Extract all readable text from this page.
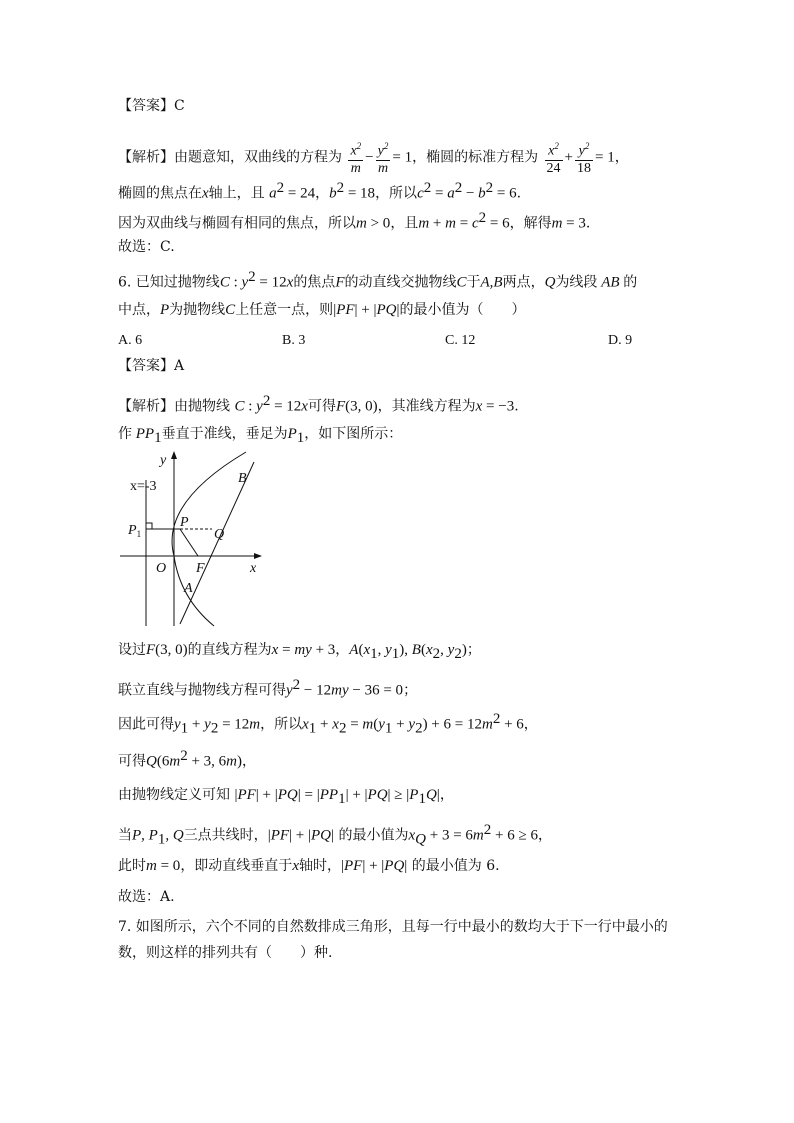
【答案】C
【解析】由题意知，双曲线的方程为 $\frac{x^2}{m} - \frac{y^2}{m} = 1$，椭圆的标准方程为 $\frac{x^2}{24} + \frac{y^2}{18} = 1$，
椭圆的焦点在x轴上，且 $a^2 = 24$，$b^2 = 18$，所以$c^2 = a^2 - b^2 = 6$.
因为双曲线与椭圆有相同的焦点，所以m > 0，且$m + m = c^2 = 6$，解得m = 3.
故选：C.
6. 已知过抛物线C : $y^2 = 12x$的焦点F的动直线交抛物线C于A,B两点，Q为线段 AB 的
中点，P为抛物线C上任意一点，则|PF| + |PQ|的最小值为（　　）
A. 6	B. 3	C. 12	D. 9
【答案】A
【解析】由抛物线 C : $y^2 = 12x$可得F(3, 0)，其准线方程为x = −3.
作 $PP_1$垂直于准线，垂足为$P_1$，如下图所示：
x=-3
y
x
B
A
P
Q
O F
$P_1$
设过F(3, 0)的直线方程为x = my + 3，$A(x_1$, $y_1$), $B(x_2$, $y_2$)；
联立直线与抛物线方程可得$y^2 - 12my - 36 = 0$；
因此可得$y_1 + y_2 = 12m$，所以$x_1 + x_2 = m(y_1 + y_2) + 6 = 12m^2 + 6$，
可得$Q(6m^2 + 3$, 6m)，
由抛物线定义可知 $|PF| + |PQ| = |PP_1| + |PQ| \ge |P_1Q|$，
当P, $P_1$, Q三点共线时，|PF| + |PQ| 的最小值为$x_Q + 3 = 6m^2 + 6 \ge 6$，
此时m = 0，即动直线垂直于x轴时，|PF| + |PQ| 的最小值为 6.
故选：A.
7. 如图所示，六个不同的自然数排成三角形，且每一行中最小的数均大于下一行中最小的
数，则这样的排列共有（　　）种.
